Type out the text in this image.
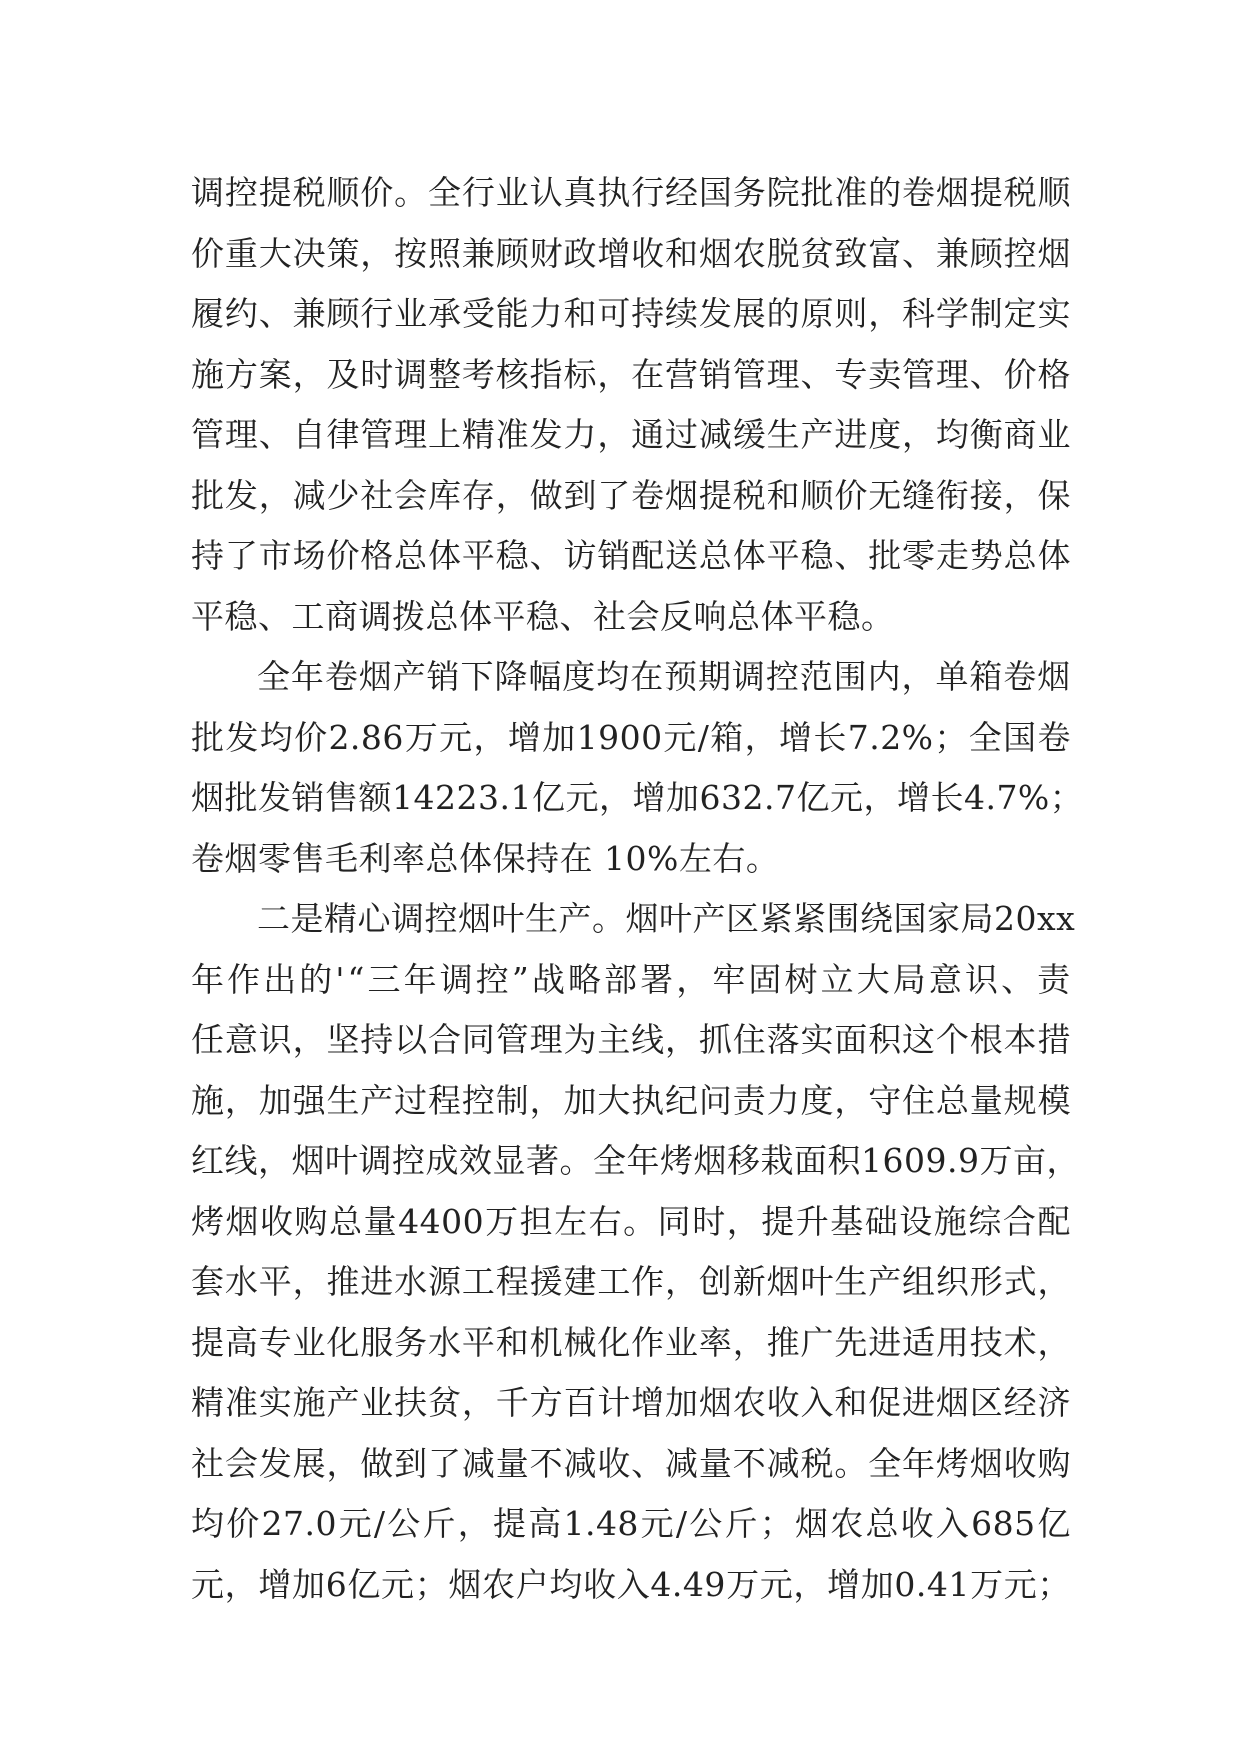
调 控 提 税 顺 价 。 全 行 业 认 真 执 行 经 国 务 院 批 准 的 卷 烟 提 税 顺
价 重 大 决 策 ， 按 照 兼 顾 财 政 增 收 和 烟 农 脱 贫 致 富 、 兼 顾 控 烟
履 约 、 兼 顾 行 业 承 受 能 力 和 可 持 续 发 展 的 原 则 ， 科 学 制 定 实
施 方 案 ， 及 时 调 整 考 核 指 标 ， 在 营 销 管 理 、 专 卖 管 理 、 价 格
管 理 、 自 律 管 理 上 精 准 发 力 ， 通 过 减 缓 生 产 进 度 ， 均 衡 商 业
批 发 ， 减 少 社 会 库 存 ， 做 到 了 卷 烟 提 税 和 顺 价 无 缝 衔 接 ， 保
持 了 市 场 价 格 总 体 平 稳 、 访 销 配 送 总 体 平 稳 、 批 零 走 势 总 体
平稳、工商调拨总体平稳、社会反响总体平稳。
全 年 卷 烟 产 销 下 降 幅 度 均 在 预 期 调 控 范 围 内 ， 单 箱 卷 烟
批 发 均 价 2.86 万 元 ， 增 加 1900 元 / 箱 ， 增 长 7.2% ； 全 国 卷
烟 批 发 销 售 额 14223.1 亿 元 ， 增 加 632.7 亿 元 ， 增 长 4.7% ；
卷烟零售毛利率总体保持在 10%左右。
二 是 精 心 调 控 烟 叶 生 产 。 烟 叶 产 区 紧 紧 围 绕 国 家 局 20xx
年 作 出 的 ' “ 三 年 调 控 ” 战 略 部 署 ， 牢 固 树 立 大 局 意 识 、 责
任 意 识 ， 坚 持 以 合 同 管 理 为 主 线 ， 抓 住 落 实 面 积 这 个 根 本 措
施 ， 加 强 生 产 过 程 控 制 ， 加 大 执 纪 问 责 力 度 ， 守 住 总 量 规 模
红 线 ， 烟 叶 调 控 成 效 显 著 。 全 年 烤 烟 移 栽 面 积 1609.9 万 亩 ，
烤 烟 收 购 总 量 4400 万 担 左 右 。 同 时 ， 提 升 基 础 设 施 综 合 配
套 水 平 ， 推 进 水 源 工 程 援 建 工 作 ， 创 新 烟 叶 生 产 组 织 形 式 ，
提 高 专 业 化 服 务 水 平 和 机 械 化 作 业 率 ， 推 广 先 进 适 用 技 术 ，
精 准 实 施 产 业 扶 贫 ， 千 方 百 计 增 加 烟 农 收 入 和 促 进 烟 区 经 济
社 会 发 展 ， 做 到 了 减 量 不 减 收 、 减 量 不 减 税 。 全 年 烤 烟 收 购
均 价 27.0 元 / 公 斤 ， 提 高 1.48 元 / 公 斤 ； 烟 农 总 收 入 685 亿
元 ， 增 加 6 亿 元 ； 烟 农 户 均 收 入 4.49 万 元 ， 增 加 0.41 万 元 ；
